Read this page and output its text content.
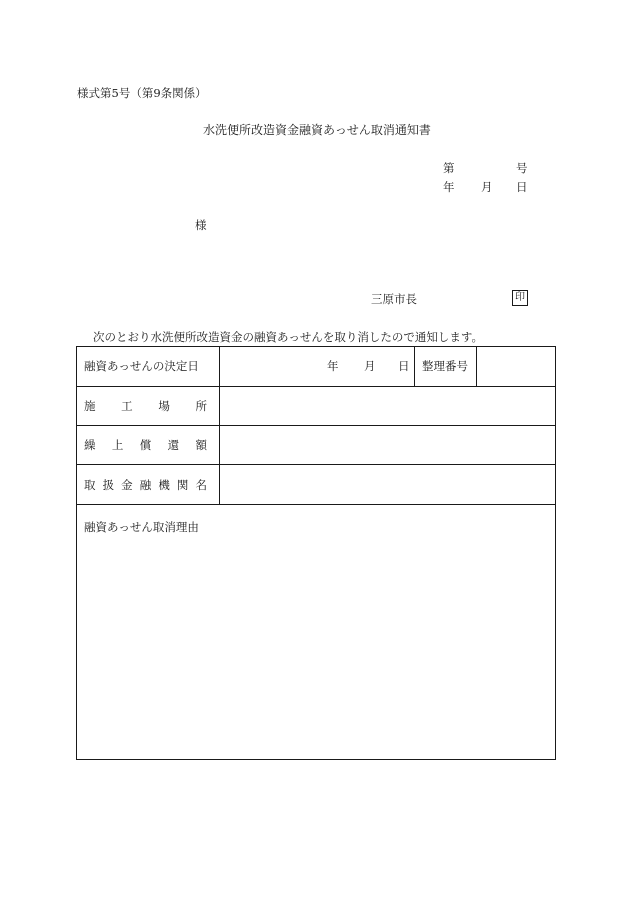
様式第5号（第9条関係）
水洗便所改造資金融資あっせん取消通知書
第	号
年 月 日
様
三原市長	印
次のとおり水洗便所改造資金の融資あっせんを取り消したので通知します。
融資あっせんの決定日	年 月 日 整理番号
施 工 場 所
繰 上 償 還 額
取 扱 金 融 機 関 名
融資あっせん取消理由
